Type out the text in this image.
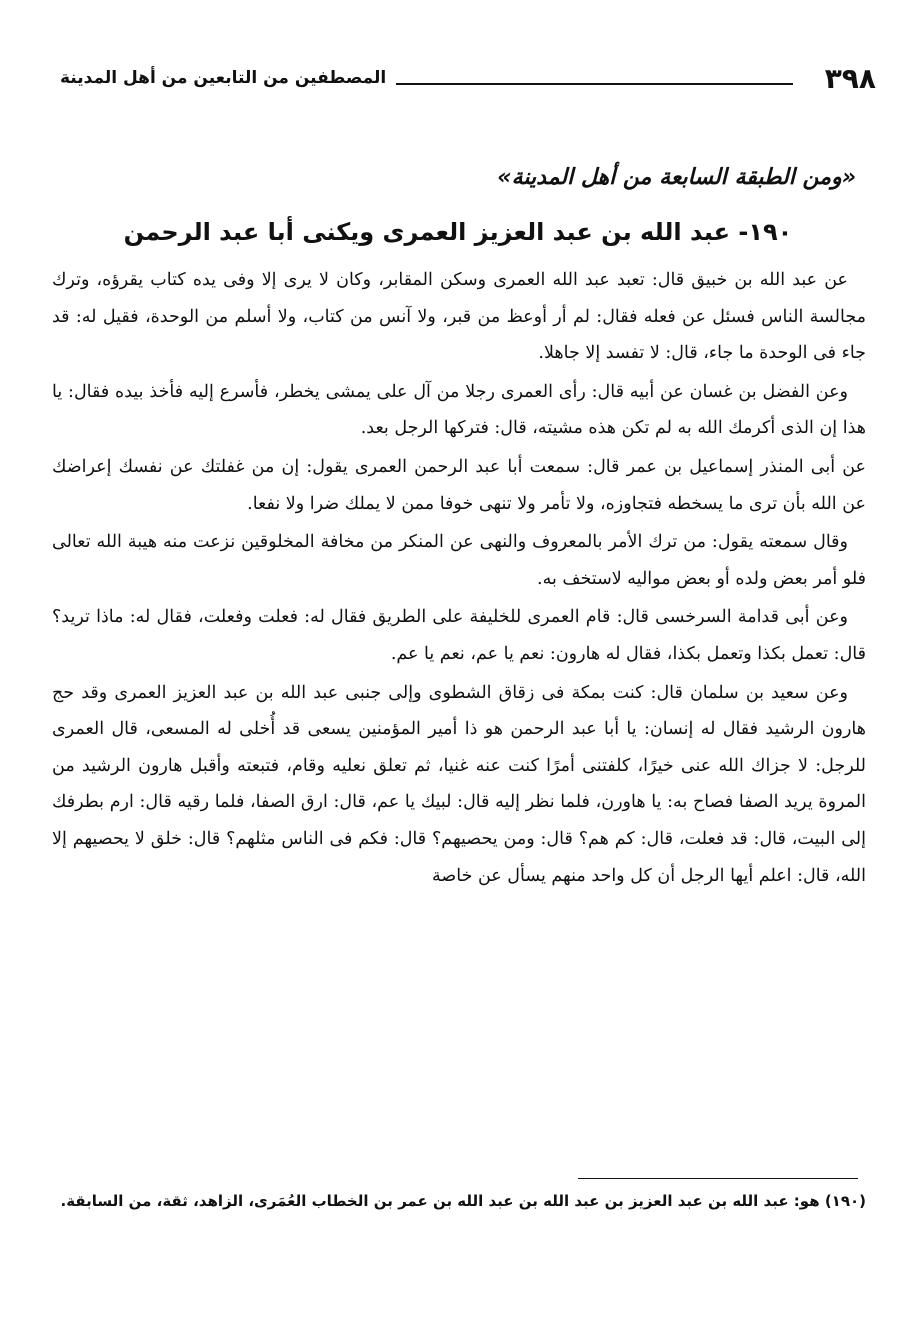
٣٩٨
المصطفين من التابعين من أهل المدينة
«ومن الطبقة السابعة من أهل المدينة»
١٩٠- عبد الله بن عبد العزيز العمرى ويكنى أبا عبد الرحمن

عن عبد الله بن خبيق قال: تعبد عبد الله العمرى وسكن المقابر، وكان لا يرى إلا وفى يده كتاب يقرؤه، وترك مجالسة الناس فسئل عن فعله فقال: لم أر أوعظ من قبر، ولا آنس من كتاب، ولا أسلم من الوحدة، فقيل له: قد جاء فى الوحدة ما جاء، قال: لا تفسد إلا جاهلا.

وعن الفضل بن غسان عن أبيه قال: رأى العمرى رجلا من آل على يمشى يخطر، فأسرع إليه فأخذ بيده فقال: يا هذا إن الذى أكرمك الله به لم تكن هذه مشيته، قال: فتركها الرجل بعد.

عن أبى المنذر إسماعيل بن عمر قال: سمعت أبا عبد الرحمن العمرى يقول: إن من غفلتك عن نفسك إعراضك عن الله بأن ترى ما يسخطه فتجاوزه، ولا تأمر ولا تنهى خوفا ممن لا يملك ضرا ولا نفعا.

وقال سمعته يقول: من ترك الأمر بالمعروف والنهى عن المنكر من مخافة المخلوقين نزعت منه هيبة الله تعالى فلو أمر بعض ولده أو بعض مواليه لاستخف به.

وعن أبى قدامة السرخسى قال: قام العمرى للخليفة على الطريق فقال له: فعلت وفعلت، فقال له: ماذا تريد؟ قال: تعمل بكذا وتعمل بكذا، فقال له هارون: نعم يا عم، نعم يا عم.

وعن سعيد بن سلمان قال: كنت بمكة فى زقاق الشطوى وإلى جنبى عبد الله بن عبد العزيز العمرى وقد حج هارون الرشيد فقال له إنسان: يا أبا عبد الرحمن هو ذا أمير المؤمنين يسعى قد أُخلى له المسعى، قال العمرى للرجل: لا جزاك الله عنى خيرًا، كلفتنى أمرًا كنت عنه غنيا، ثم تعلق نعليه وقام، فتبعته وأقبل هارون الرشيد من المروة يريد الصفا فصاح به: يا هاورن، فلما نظر إليه قال: لبيك يا عم، قال: ارق الصفا، فلما رقيه قال: ارم بطرفك إلى البيت، قال: قد فعلت، قال: كم هم؟ قال: ومن يحصيهم؟ قال: فكم فى الناس مثلهم؟ قال: خلق لا يحصيهم إلا الله، قال: اعلم أيها الرجل أن كل واحد منهم يسأل عن خاصة

(١٩٠) هو: عبد الله بن عبد العزيز بن عبد الله بن عبد الله بن عمر بن الخطاب العُمَرى، الزاهد، ثقة، من السابقة.
